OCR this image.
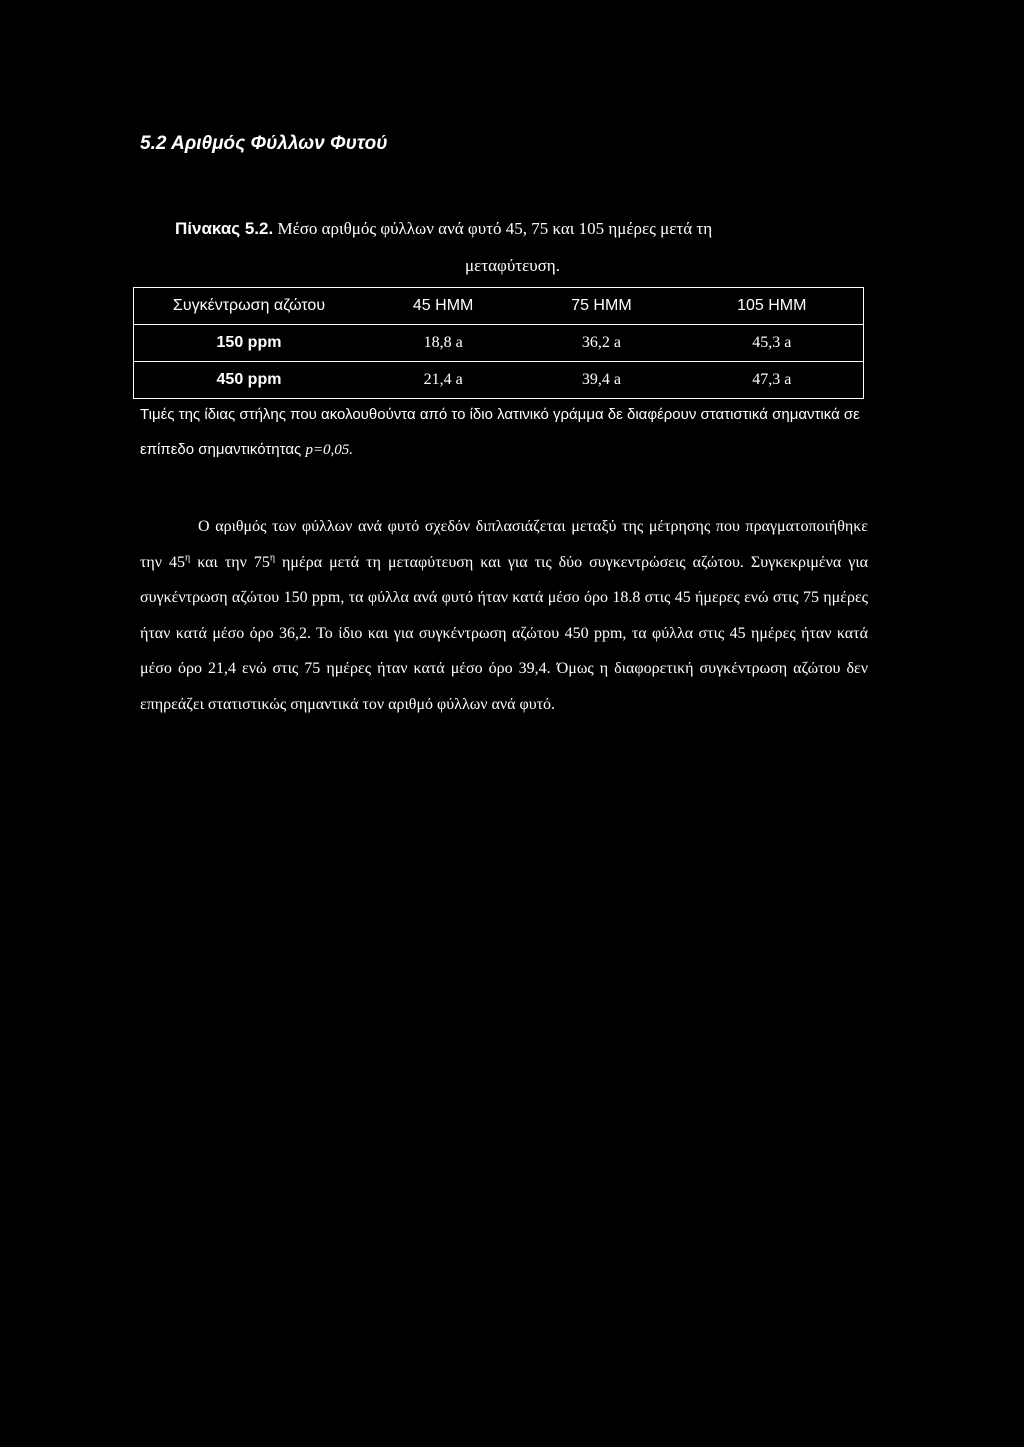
5.2 Αριθμός Φύλλων Φυτού

Πίνακας 5.2. Μέσο αριθμός φύλλων ανά φυτό 45, 75 και 105 ημέρες μετά τη

μεταφύτευση.

Συγκέντρωση αζώτου	45 HMM	75 HMM	105 HMM
150 ppm	18,8 a	36,2 a	45,3 a
450 ppm	21,4 a	39,4 a	47,3 a

Τιμές της ίδιας στήλης που ακολουθούντα από το ίδιο λατινικό γράμμα δε διαφέρουν στατιστικά σημαντικά σε επίπεδο σημαντικότητας p=0,05.

Ο αριθμός των φύλλων ανά φυτό σχεδόν διπλασιάζεται μεταξύ της μέτρησης που πραγματοποιήθηκε την $45^\eta$ και την $75^\eta$ ημέρα μετά τη μεταφύτευση και για τις δύο συγκεντρώσεις αζώτου. Συγκεκριμένα για συγκέντρωση αζώτου 150 ppm, τα φύλλα ανά φυτό ήταν κατά μέσο όρο 18.8 στις 45 ήμερες ενώ στις 75 ημέρες ήταν κατά μέσο όρο 36,2. Το ίδιο και για συγκέντρωση αζώτου 450 ppm, τα φύλλα στις 45 ημέρες ήταν κατά μέσο όρο 21,4 ενώ στις 75 ημέρες ήταν κατά μέσο όρο 39,4. Όμως η διαφορετική συγκέντρωση αζώτου δεν επηρεάζει στατιστικώς σημαντικά τον αριθμό φύλλων ανά φυτό.
